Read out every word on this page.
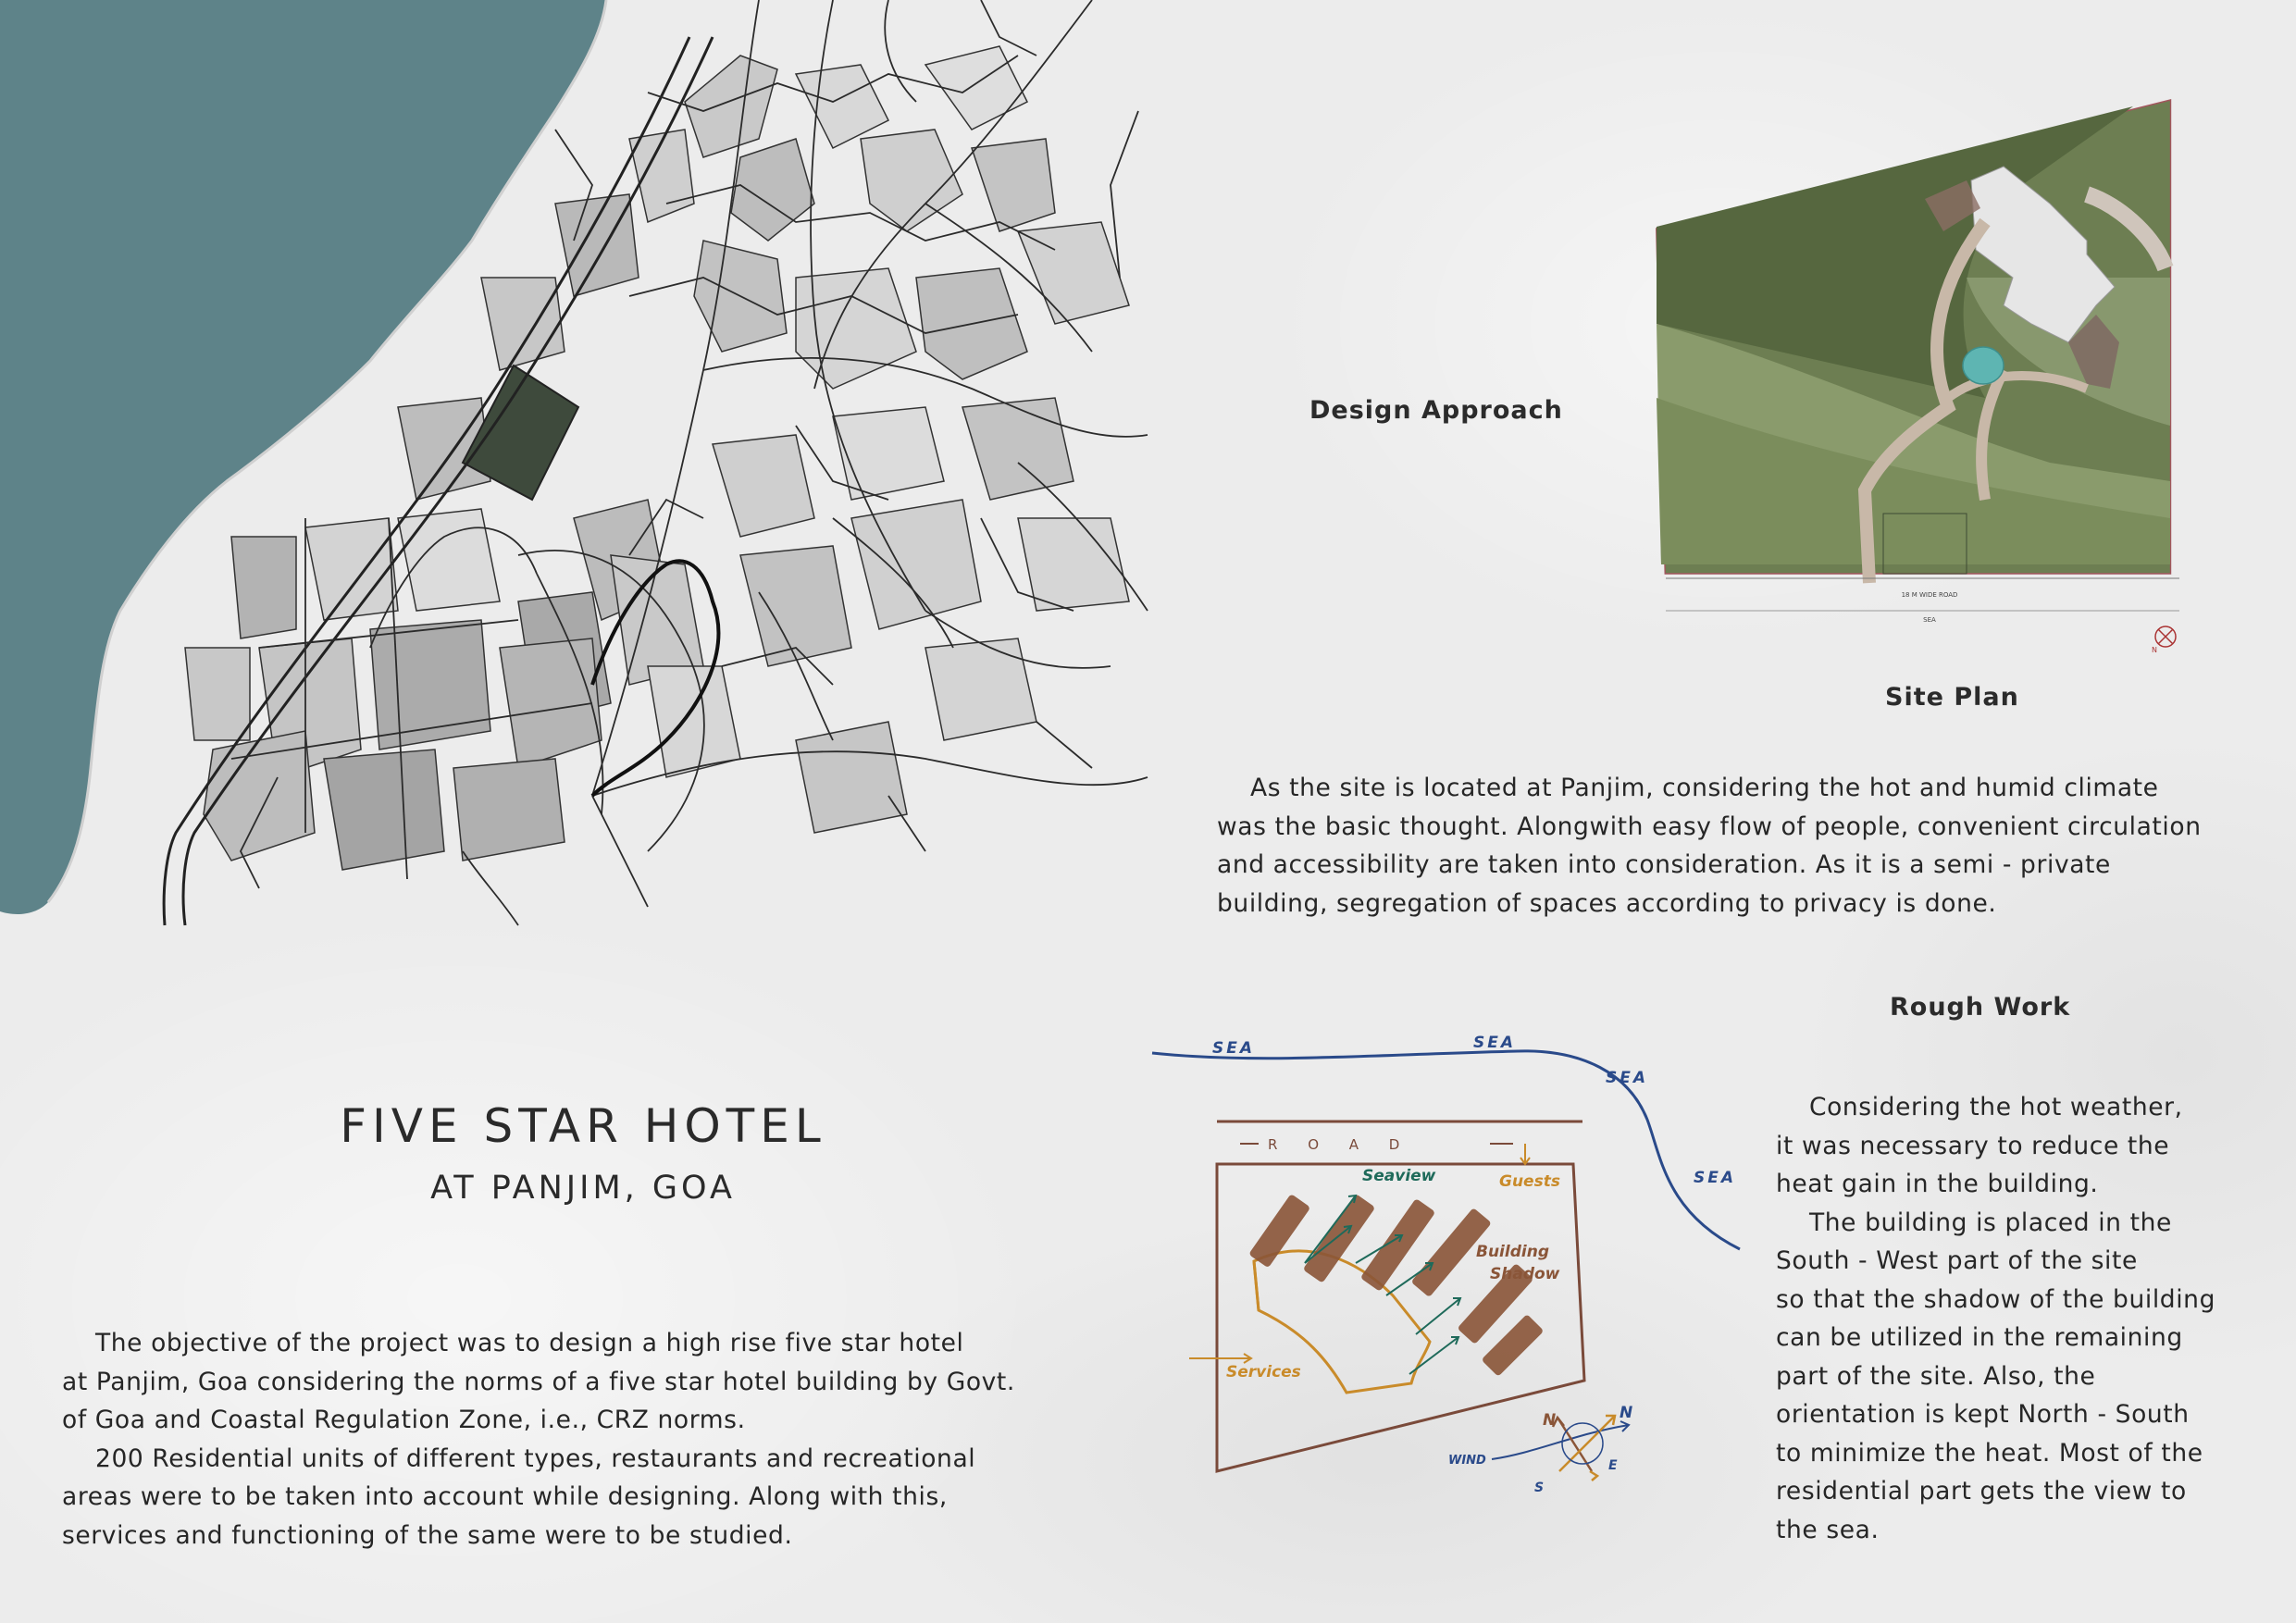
Design Approach
Site Plan
Rough Work
18 M WIDE ROAD
SEA
N

As the site is located at Panjim, considering the hot and humid climate

was the basic thought. Alongwith easy flow of people, convenient circulation

and accessibility are taken into consideration. As it is a semi - private

building, segregation of spaces according to privacy is done.

SEA	SEA
SEA
SEA
R O A D
Seaview	Guests
Building
Shadow
Services
WIND
N	N
S
E

Considering the hot weather,

it was necessary to reduce the

heat gain in the building.

The building is placed in the

South - West part of the site

so that the shadow of the building

can be utilized in the remaining

part of the site. Also, the

orientation is kept North - South

to minimize the heat. Most of the

residential part gets the view to

the sea.

FIVE STAR HOTEL
AT PANJIM, GOA

The objective of the project was to design a high rise five star hotel

at Panjim, Goa considering the norms of a five star hotel building by Govt.

of Goa and Coastal Regulation Zone, i.e., CRZ norms.

200 Residential units of different types, restaurants and recreational

areas were to be taken into account while designing. Along with this,

services and functioning of the same were to be studied.
